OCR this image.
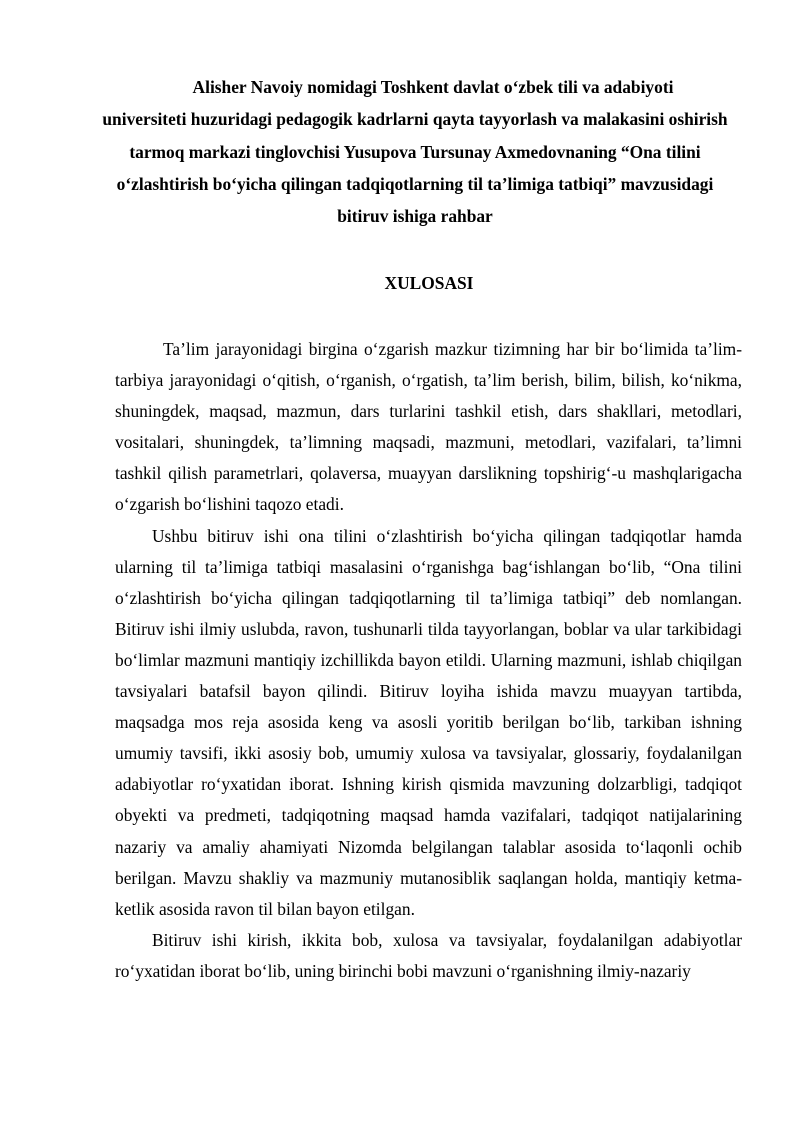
Alisher Navoiy nomidagi Toshkent davlat o‘zbek tili va adabiyoti
universiteti huzuridagi pedagogik kadrlarni qayta tayyorlash va malakasini oshirish tarmoq markazi tinglovchisi Yusupova Tursunay Axmedovnaning “Ona tilini o‘zlashtirish bo‘yicha qilingan tadqiqotlarning til ta’limiga tatbiqi” mavzusidagi bitiruv ishiga rahbar
XULOSASI

Ta’lim jarayonidagi birgina o‘zgarish mazkur tizimning har bir bo‘limida ta’lim-tarbiya jarayonidagi o‘qitish, o‘rganish, o‘rgatish, ta’lim berish, bilim, bilish, ko‘nikma, shuningdek, maqsad, mazmun, dars turlarini tashkil etish, dars shakllari, metodlari, vositalari, shuningdek, ta’limning maqsadi, mazmuni, metodlari, vazifalari, ta’limni tashkil qilish parametrlari, qolaversa, muayyan darslikning topshirig‘-u mashqlarigacha o‘zgarish bo‘lishini taqozo etadi.

Ushbu bitiruv ishi ona tilini o‘zlashtirish bo‘yicha qilingan tadqiqotlar hamda ularning til ta’limiga tatbiqi masalasini o‘rganishga bag‘ishlangan bo‘lib, “Ona tilini o‘zlashtirish bo‘yicha qilingan tadqiqotlarning til ta’limiga tatbiqi” deb nomlangan. Bitiruv ishi ilmiy uslubda, ravon, tushunarli tilda tayyorlangan, boblar va ular tarkibidagi bo‘limlar mazmuni mantiqiy izchillikda bayon etildi. Ularning mazmuni, ishlab chiqilgan tavsiyalari batafsil bayon qilindi. Bitiruv loyiha ishida mavzu muayyan tartibda, maqsadga mos reja asosida keng va asosli yoritib berilgan bo‘lib, tarkiban ishning umumiy tavsifi, ikki asosiy bob, umumiy xulosa va tavsiyalar, glossariy, foydalanilgan adabiyotlar ro‘yxatidan iborat. Ishning kirish qismida mavzuning dolzarbligi, tadqiqot obyekti va predmeti, tadqiqotning maqsad hamda vazifalari, tadqiqot natijalarining nazariy va amaliy ahamiyati Nizomda belgilangan talablar asosida to‘laqonli ochib berilgan. Mavzu shakliy va mazmuniy mutanosiblik saqlangan holda, mantiqiy ketma-ketlik asosida ravon til bilan bayon etilgan.

Bitiruv ishi kirish, ikkita bob, xulosa va tavsiyalar, foydalanilgan adabiyotlar ro‘yxatidan iborat bo‘lib, uning birinchi bobi mavzuni o‘rganishning ilmiy-nazariy
